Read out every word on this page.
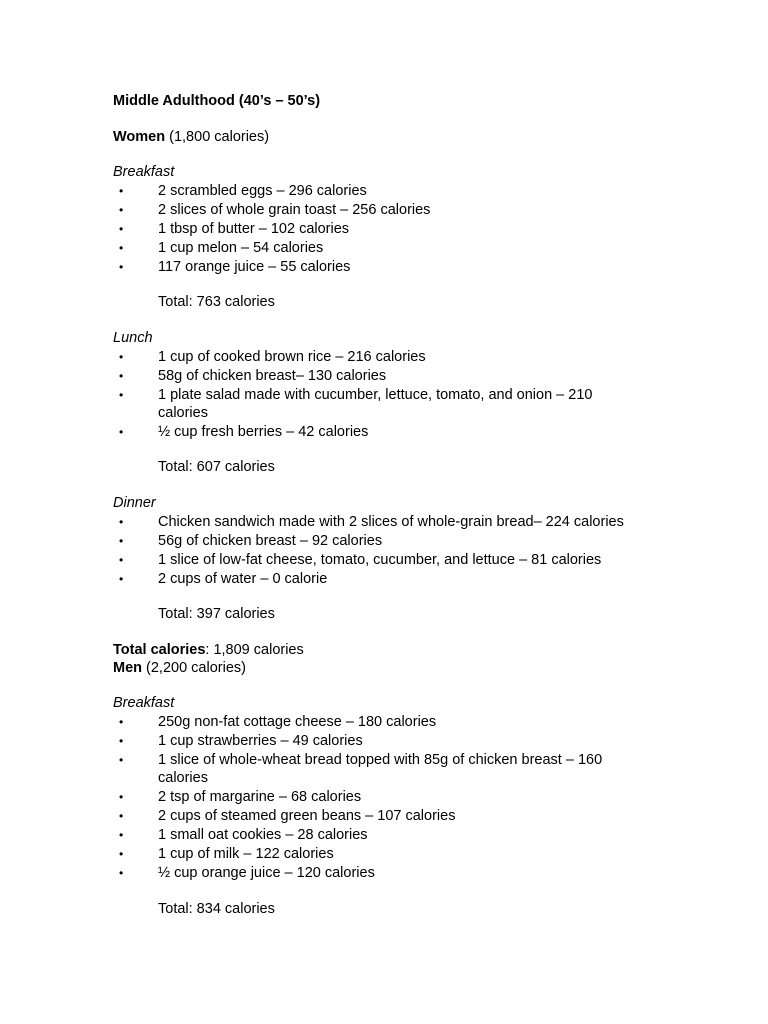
Middle Adulthood (40’s – 50’s)
Women (1,800 calories)
Breakfast
• 2 scrambled eggs – 296 calories
• 2 slices of whole grain toast – 256 calories
• 1 tbsp of butter – 102 calories
• 1 cup melon – 54 calories
• 117 orange juice – 55 calories
Total: 763 calories
Lunch
• 1 cup of cooked brown rice – 216 calories
• 58g of chicken breast– 130 calories
• 1 plate salad made with cucumber, lettuce, tomato, and onion – 210
calories
• ½ cup fresh berries – 42 calories
Total: 607 calories
Dinner
• Chicken sandwich made with 2 slices of whole-grain bread– 224 calories
• 56g of chicken breast – 92 calories
• 1 slice of low-fat cheese, tomato, cucumber, and lettuce – 81 calories
• 2 cups of water – 0 calorie
Total: 397 calories
Total calories: 1,809 calories
Men (2,200 calories)
Breakfast
• 250g non-fat cottage cheese – 180 calories
• 1 cup strawberries – 49 calories
• 1 slice of whole-wheat bread topped with 85g of chicken breast – 160
calories
• 2 tsp of margarine – 68 calories
• 2 cups of steamed green beans – 107 calories
• 1 small oat cookies – 28 calories
• 1 cup of milk – 122 calories
• ½ cup orange juice – 120 calories
Total: 834 calories
